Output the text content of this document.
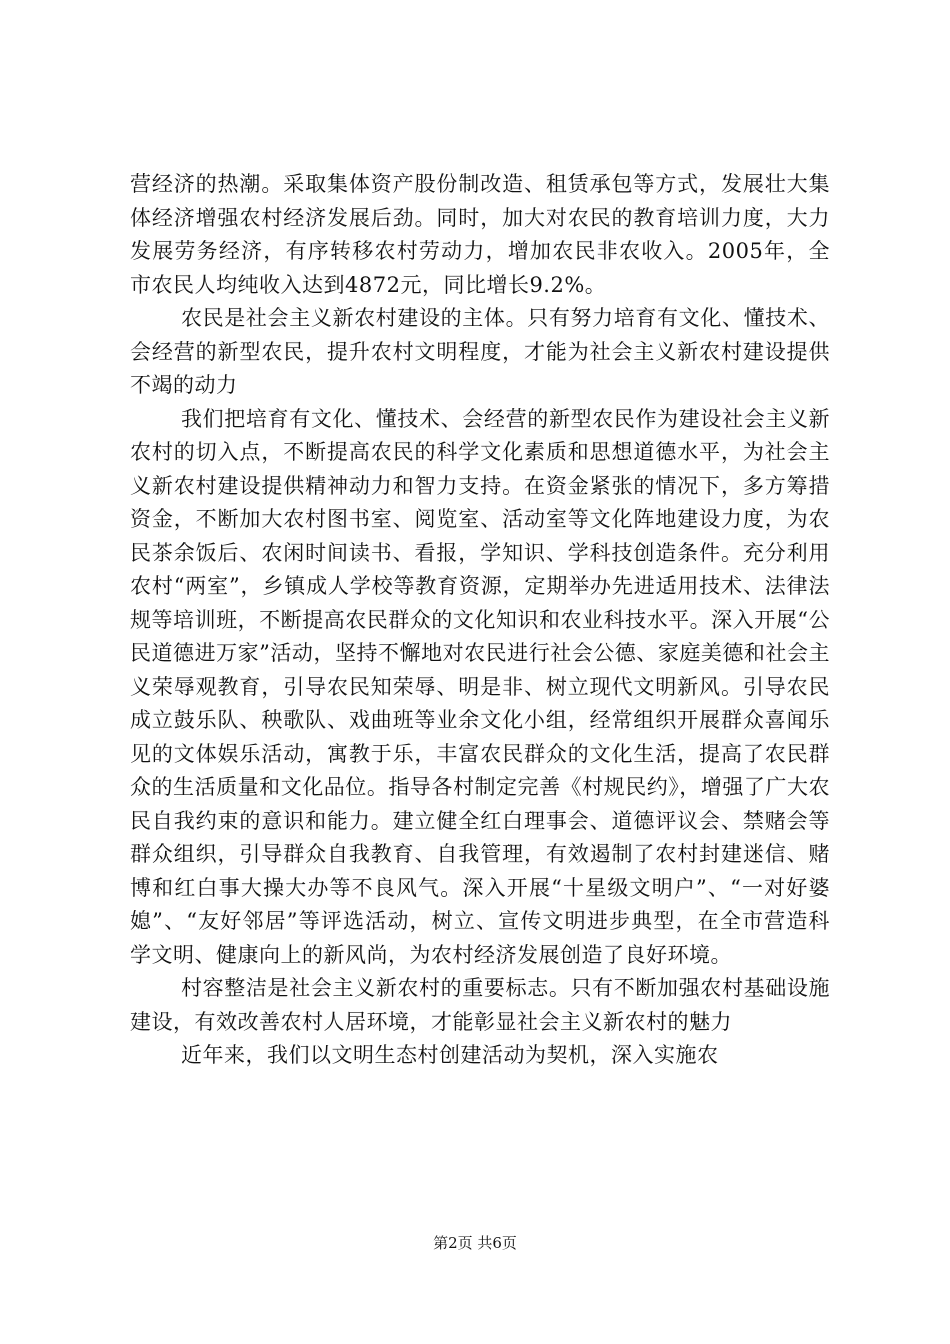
营经济的热潮。采取集体资产股份制改造、租赁承包等方式，发展壮大集体经济增强农村经济发展后劲。同时，加大对农民的教育培训力度，大力发展劳务经济，有序转移农村劳动力，增加农民非农收入。2005年，全市农民人均纯收入达到4872元，同比增长9.2%。

农民是社会主义新农村建设的主体。只有努力培育有文化、懂技术、会经营的新型农民，提升农村文明程度，才能为社会主义新农村建设提供不竭的动力

我们把培育有文化、懂技术、会经营的新型农民作为建设社会主义新农村的切入点，不断提高农民的科学文化素质和思想道德水平，为社会主义新农村建设提供精神动力和智力支持。在资金紧张的情况下，多方筹措资金，不断加大农村图书室、阅览室、活动室等文化阵地建设力度，为农民茶余饭后、农闲时间读书、看报，学知识、学科技创造条件。充分利用农村“两室”，乡镇成人学校等教育资源，定期举办先进适用技术、法律法规等培训班，不断提高农民群众的文化知识和农业科技水平。深入开展“公民道德进万家”活动，坚持不懈地对农民进行社会公德、家庭美德和社会主义荣辱观教育，引导农民知荣辱、明是非、树立现代文明新风。引导农民成立鼓乐队、秧歌队、戏曲班等业余文化小组，经常组织开展群众喜闻乐见的文体娱乐活动，寓教于乐，丰富农民群众的文化生活，提高了农民群众的生活质量和文化品位。指导各村制定完善《村规民约》，增强了广大农民自我约束的意识和能力。建立健全红白理事会、道德评议会、禁赌会等群众组织，引导群众自我教育、自我管理，有效遏制了农村封建迷信、赌博和红白事大操大办等不良风气。深入开展“十星级文明户”、“一对好婆媳”、“友好邻居”等评选活动，树立、宣传文明进步典型，在全市营造科学文明、健康向上的新风尚，为农村经济发展创造了良好环境。

村容整洁是社会主义新农村的重要标志。只有不断加强农村基础设施建设，有效改善农村人居环境，才能彰显社会主义新农村的魅力

近年来，我们以文明生态村创建活动为契机，深入实施农

第2页 共6页
